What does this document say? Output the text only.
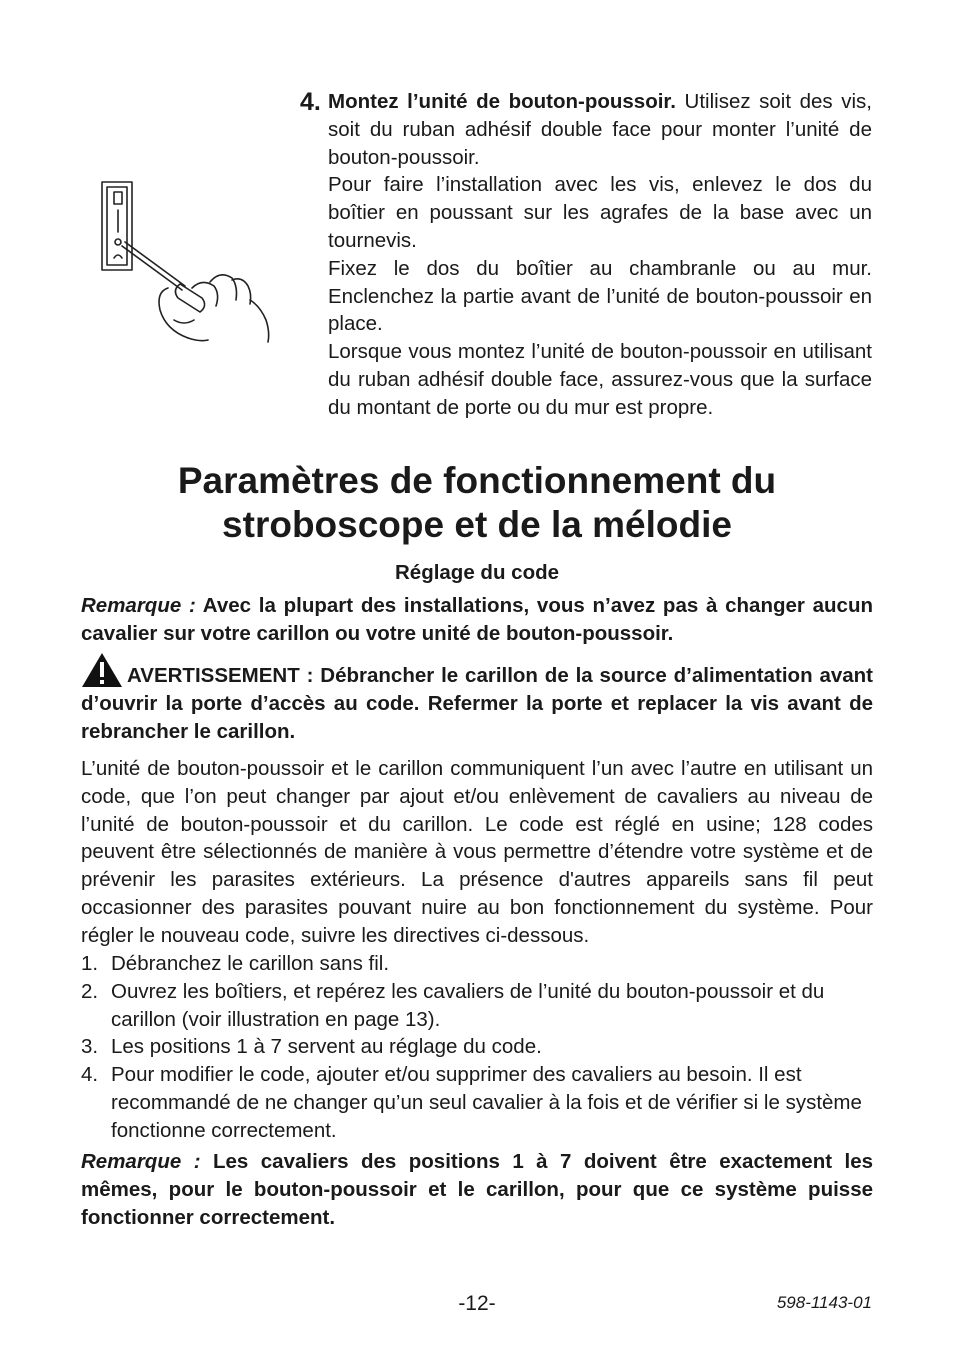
4. Montez l’unité de bouton-poussoir. Utilisez soit des vis, soit du ruban adhésif double face pour monter l’unité de bouton-poussoir.

Pour faire l’installation avec les vis, enlevez le dos du boîtier en poussant sur les agrafes de la base avec un tournevis.

Fixez le dos du boîtier au chambranle ou au mur. Enclenchez la partie avant de l’unité de bouton-poussoir en place.

Lorsque vous montez l’unité de bouton-poussoir en utilisant du ruban adhésif double face, assurez-vous que la surface du montant de porte ou du mur est propre.

Paramètres de fonctionnement du
stroboscope et de la mélodie
Réglage du code

Remarque : Avec la plupart des installations, vous n’avez pas à changer aucun cavalier sur votre carillon ou votre unité de bouton-poussoir.

AVERTISSEMENT : Débrancher le carillon de la source d’alimentation avant d’ouvrir la porte d’accès au code. Refermer la porte et replacer la vis avant de rebrancher le carillon.

L’unité de bouton-poussoir et le carillon communiquent l’un avec l’autre en utilisant un code, que l’on peut changer par ajout et/ou enlèvement de cavaliers au niveau de l’unité de bouton-poussoir et du carillon. Le code est réglé en usine; 128 codes peuvent être sélectionnés de manière à vous permettre d’étendre votre système et de prévenir les parasites extérieurs. La présence d'autres appareils sans fil peut occasionner des parasites pouvant nuire au bon fonctionnement du système. Pour régler le nouveau code, suivre les directives ci-dessous.

1. Débranchez le carillon sans fil.
2. Ouvrez les boîtiers, et repérez les cavaliers de l’unité du bouton-poussoir et du carillon (voir illustration en page 13).
3. Les positions 1 à 7 servent au réglage du code.
4. Pour modifier le code, ajouter et/ou supprimer des cavaliers au besoin. Il est recommandé de ne changer qu’un seul cavalier à la fois et de vérifier si le système fonctionne correctement.

Remarque : Les cavaliers des positions 1 à 7 doivent être exactement les mêmes, pour le bouton-poussoir et le carillon, pour que ce système puisse fonctionner correctement.

-12-	598-1143-01
